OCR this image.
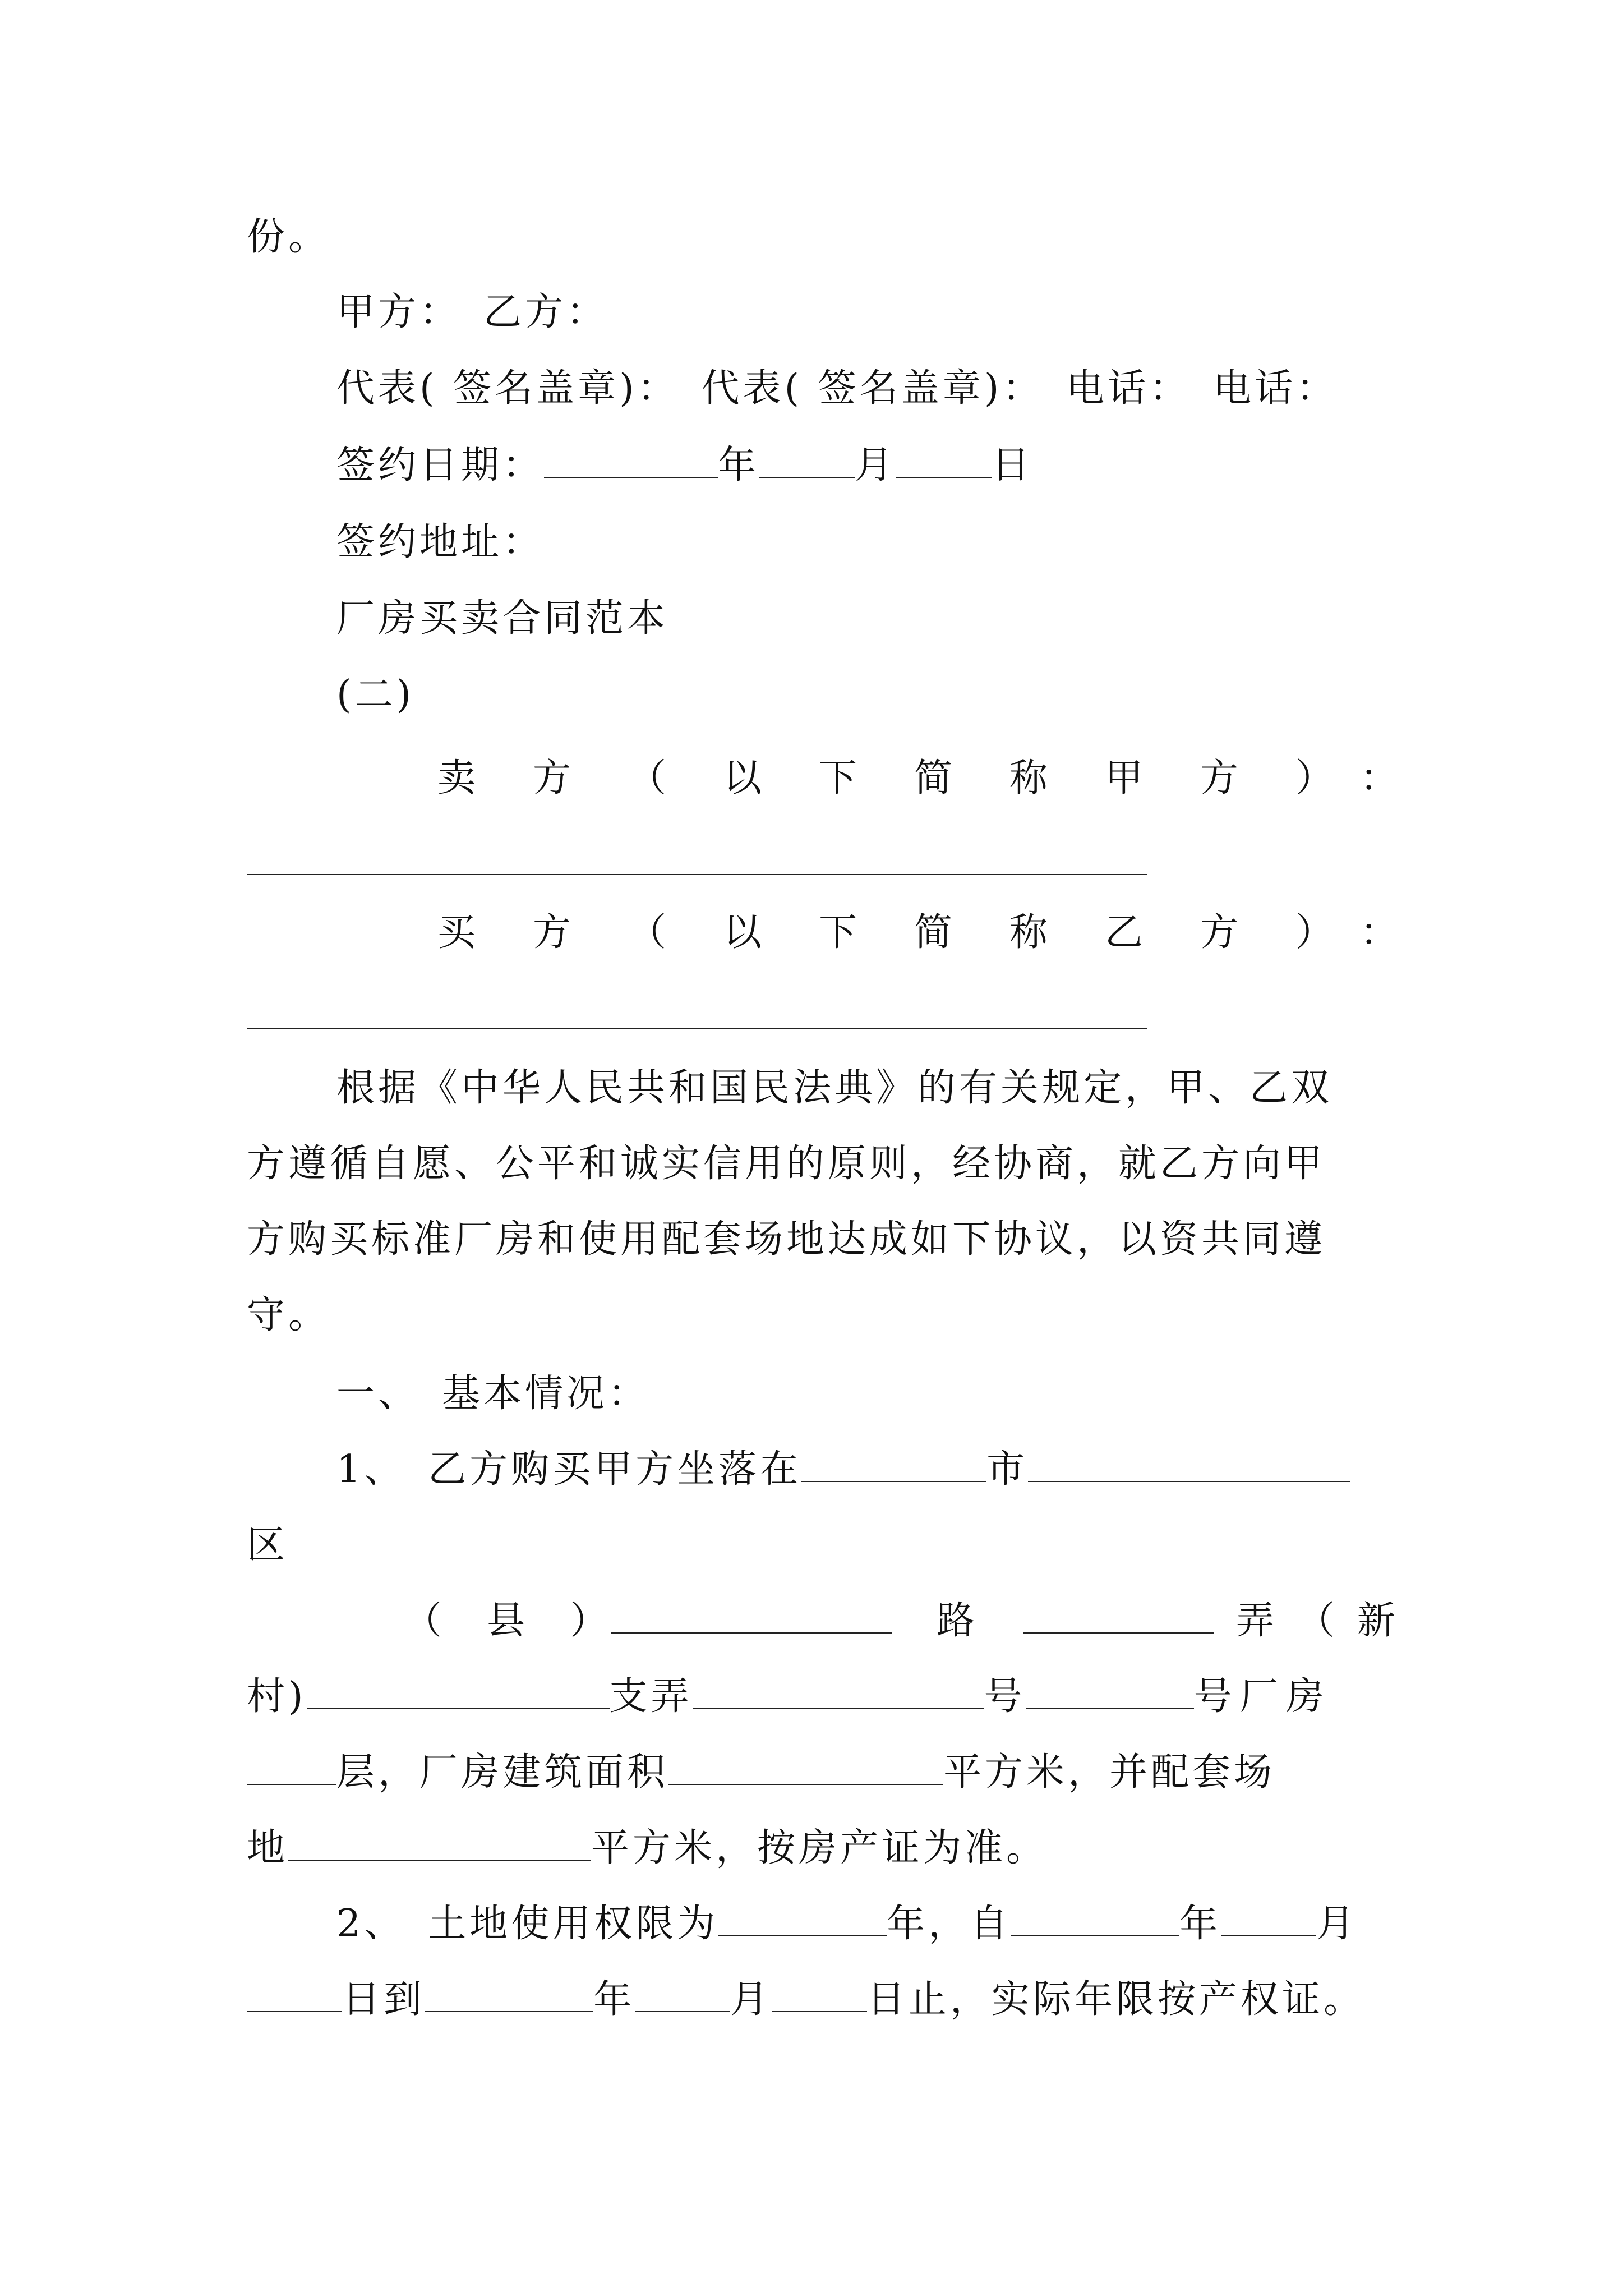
份。
甲方：　乙方：
代表( 签名盖章)：　代表( 签名盖章)：　电话：　电话：
签约日期：	年	月	日
签约地址：
厂房买卖合同范本
(二)
卖 方 （ 以 下 简 称 甲 方 ） ：
买 方 （ 以 下 简 称 乙 方 ） ：
根据《中华人民共和国民法典》的有关规定，甲、乙双
方遵循自愿、公平和诚实信用的原则，经协商，就乙方向甲
方购买标准厂房和使用配套场地达成如下协议，以资共同遵
守。
一、　基本情况：
1、　乙方购买甲方坐落在	市
区
（　县　）	路	弄（新
村)	支弄	号	号厂房
层，厂房建筑面积	平方米，并配套场
地	平方米，按房产证为准。
2、　土地使用权限为	年，自	年	月
日到	年	月	日止，实际年限按产权证。
